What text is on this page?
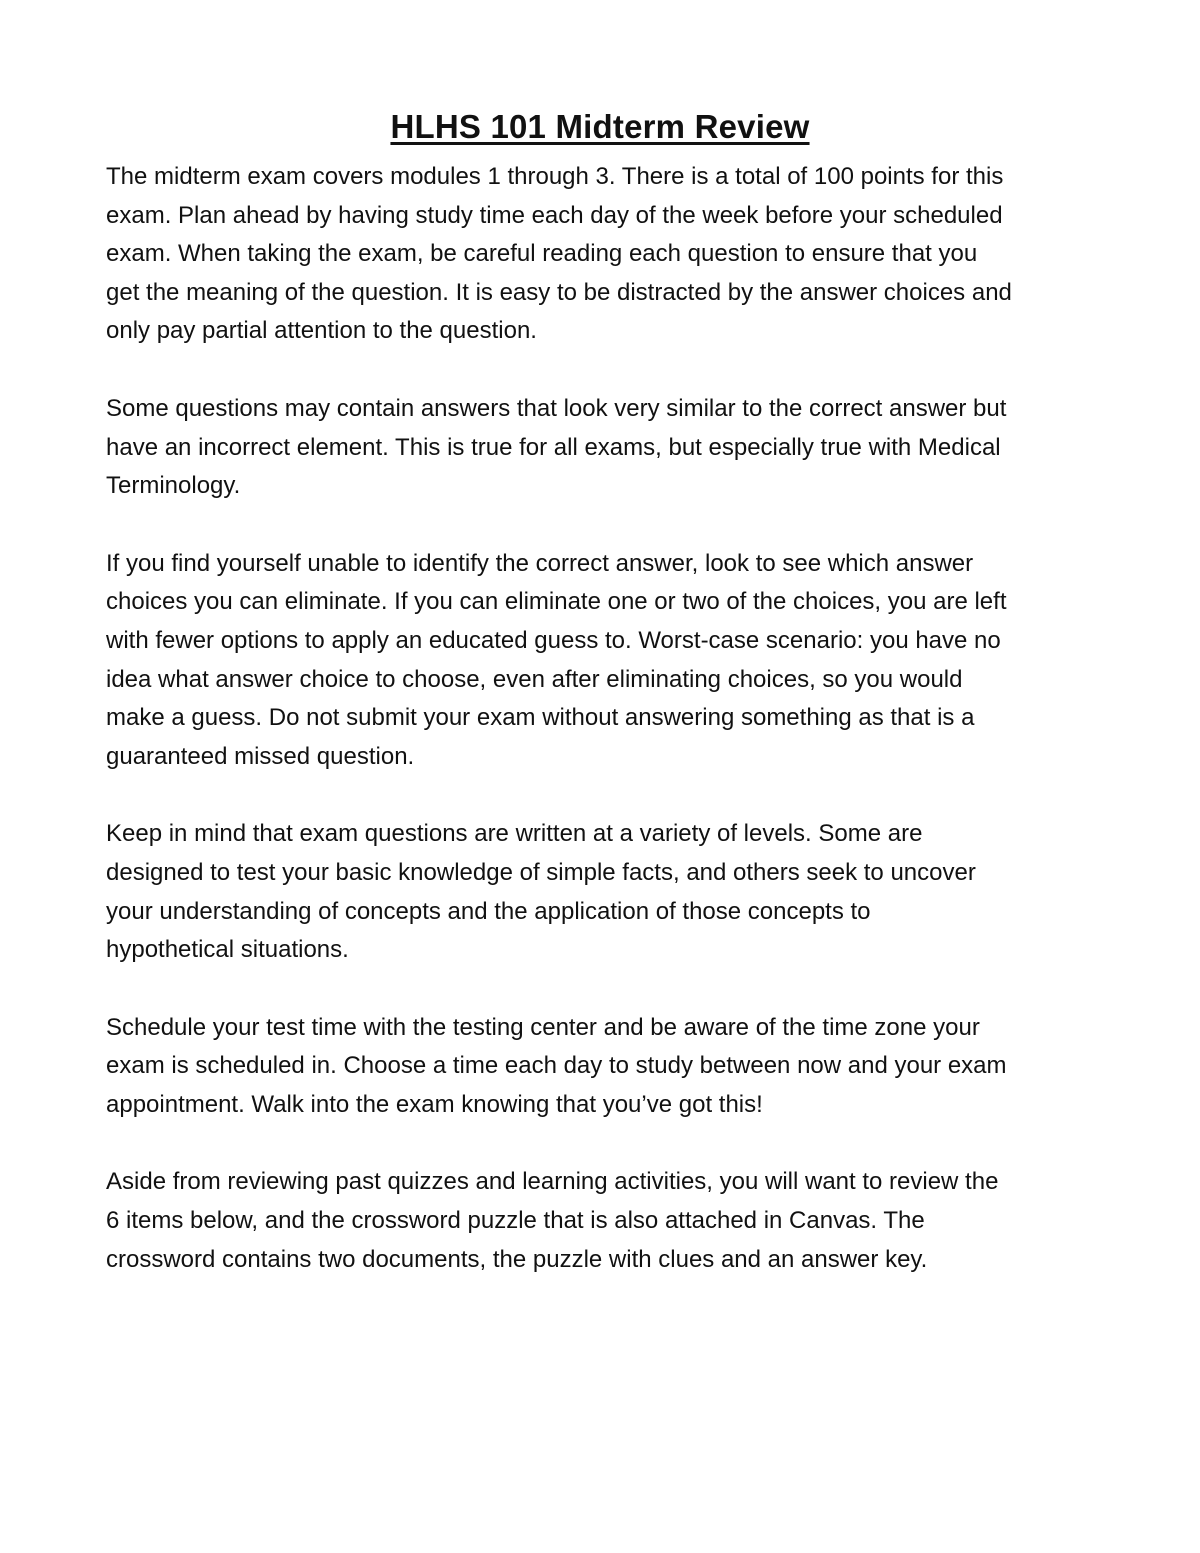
HLHS 101 Midterm Review

The midterm exam covers modules 1 through 3. There is a total of 100 points for this
exam. Plan ahead by having study time each day of the week before your scheduled
exam. When taking the exam, be careful reading each question to ensure that you
get the meaning of the question. It is easy to be distracted by the answer choices and
only pay partial attention to the question.

Some questions may contain answers that look very similar to the correct answer but
have an incorrect element. This is true for all exams, but especially true with Medical
Terminology.

If you find yourself unable to identify the correct answer, look to see which answer
choices you can eliminate. If you can eliminate one or two of the choices, you are left
with fewer options to apply an educated guess to. Worst-case scenario: you have no
idea what answer choice to choose, even after eliminating choices, so you would
make a guess. Do not submit your exam without answering something as that is a
guaranteed missed question.

Keep in mind that exam questions are written at a variety of levels. Some are
designed to test your basic knowledge of simple facts, and others seek to uncover
your understanding of concepts and the application of those concepts to
hypothetical situations.

Schedule your test time with the testing center and be aware of the time zone your
exam is scheduled in. Choose a time each day to study between now and your exam
appointment. Walk into the exam knowing that you’ve got this!

Aside from reviewing past quizzes and learning activities, you will want to review the
6 items below, and the crossword puzzle that is also attached in Canvas. The
crossword contains two documents, the puzzle with clues and an answer key.
